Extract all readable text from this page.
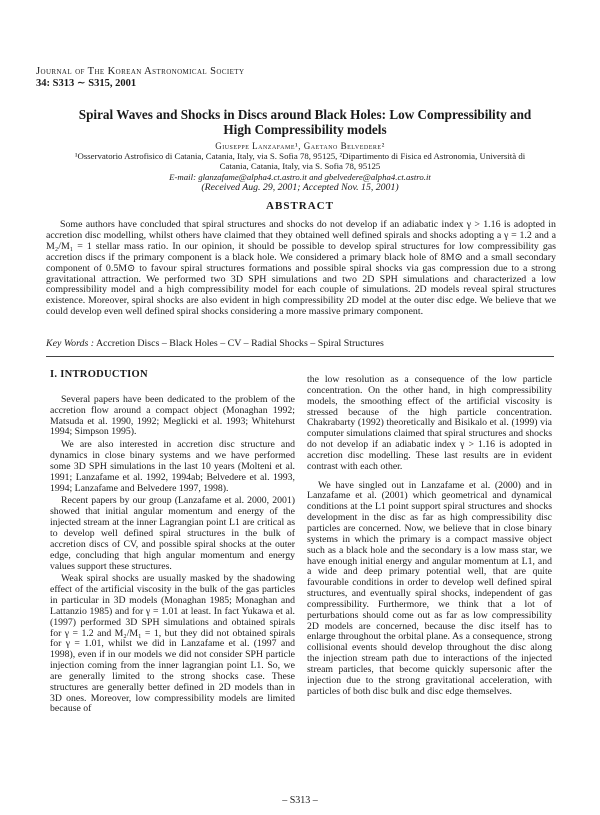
Journal of The Korean Astronomical Society
34: S313 ∼ S315, 2001
Spiral Waves and Shocks in Discs around Black Holes: Low Compressibility and
High Compressibility models
Giuseppe Lanzafame¹, Gaetano Belvedere²
¹Osservatorio Astrofisico di Catania, Catania, Italy, via S. Sofia 78, 95125, ²Dipartimento di Fisica ed Astronomia, Università di
Catania, Catania, Italy, via S. Sofia 78, 95125
E-mail: glanzafame@alpha4.ct.astro.it and gbelvedere@alpha4.ct.astro.it
(Received Aug. 29, 2001; Accepted Nov. 15, 2001)
ABSTRACT

Some authors have concluded that spiral structures and shocks do not develop if an adiabatic index γ > 1.16 is adopted in accretion disc modelling, whilst others have claimed that they obtained well defined spirals and shocks adopting a γ = 1.2 and a M₂/M₁ = 1 stellar mass ratio. In our opinion, it should be possible to develop spiral structures for low compressibility gas accretion discs if the primary component is a black hole. We considered a primary black hole of 8M⊙ and a small secondary component of 0.5M⊙ to favour spiral structures formations and possible spiral shocks via gas compression due to a strong gravitational attraction. We performed two 3D SPH simulations and two 2D SPH simulations and characterized a low compressibility model and a high compressibility model for each couple of simulations. 2D models reveal spiral structures existence. Moreover, spiral shocks are also evident in high compressibility 2D model at the outer disc edge. We believe that we could develop even well defined spiral shocks considering a more massive primary component.

Key Words : Accretion Discs – Black Holes – CV – Radial Shocks – Spiral Structures
I. INTRODUCTION

Several papers have been dedicated to the problem of the accretion flow around a compact object (Monaghan 1992; Matsuda et al. 1990, 1992; Meglicki et al. 1993; Whitehurst 1994; Simpson 1995).

We are also interested in accretion disc structure and dynamics in close binary systems and we have performed some 3D SPH simulations in the last 10 years (Molteni et al. 1991; Lanzafame et al. 1992, 1994ab; Belvedere et al. 1993, 1994; Lanzafame and Belvedere 1997, 1998).

Recent papers by our group (Lanzafame et al. 2000, 2001) showed that initial angular momentum and energy of the injected stream at the inner Lagrangian point L1 are critical as to develop well defined spiral structures in the bulk of accretion discs of CV, and possible spiral shocks at the outer edge, concluding that high angular momentum and energy values support these structures.

Weak spiral shocks are usually masked by the shadowing effect of the artificial viscosity in the bulk of the gas particles in particular in 3D models (Monaghan 1985; Monaghan and Lattanzio 1985) and for γ = 1.01 at least. In fact Yukawa et al. (1997) performed 3D SPH simulations and obtained spirals for γ = 1.2 and M₂/M₁ = 1, but they did not obtained spirals for γ = 1.01, whilst we did in Lanzafame et al. (1997 and 1998), even if in our models we did not consider SPH particle injection coming from the inner lagrangian point L1. So, we are generally limited to the strong shocks case. These structures are generally better defined in 2D models than in 3D ones. Moreover, low compressibility models are limited because of

the low resolution as a consequence of the low particle concentration. On the other hand, in high compressibility models, the smoothing effect of the artificial viscosity is stressed because of the high particle concentration. Chakrabarty (1992) theoretically and Bisikalo et al. (1999) via computer simulations claimed that spiral structures and shocks do not develop if an adiabatic index γ > 1.16 is adopted in accretion disc modelling. These last results are in evident contrast with each other.

We have singled out in Lanzafame et al. (2000) and in Lanzafame et al. (2001) which geometrical and dynamical conditions at the L1 point support spiral structures and shocks development in the disc as far as high compressibility disc particles are concerned. Now, we believe that in close binary systems in which the primary is a compact massive object such as a black hole and the secondary is a low mass star, we have enough initial energy and angular momentum at L1, and a wide and deep primary potential well, that are quite favourable conditions in order to develop well defined spiral structures, and eventually spiral shocks, independent of gas compressibility. Furthermore, we think that a lot of perturbations should come out as far as low compressibility 2D models are concerned, because the disc itself has to enlarge throughout the orbital plane. As a consequence, strong collisional events should develop throughout the disc along the injection stream path due to interactions of the injected stream particles, that become quickly supersonic after the injection due to the strong gravitational acceleration, with particles of both disc bulk and disc edge themselves.

– S313 –
